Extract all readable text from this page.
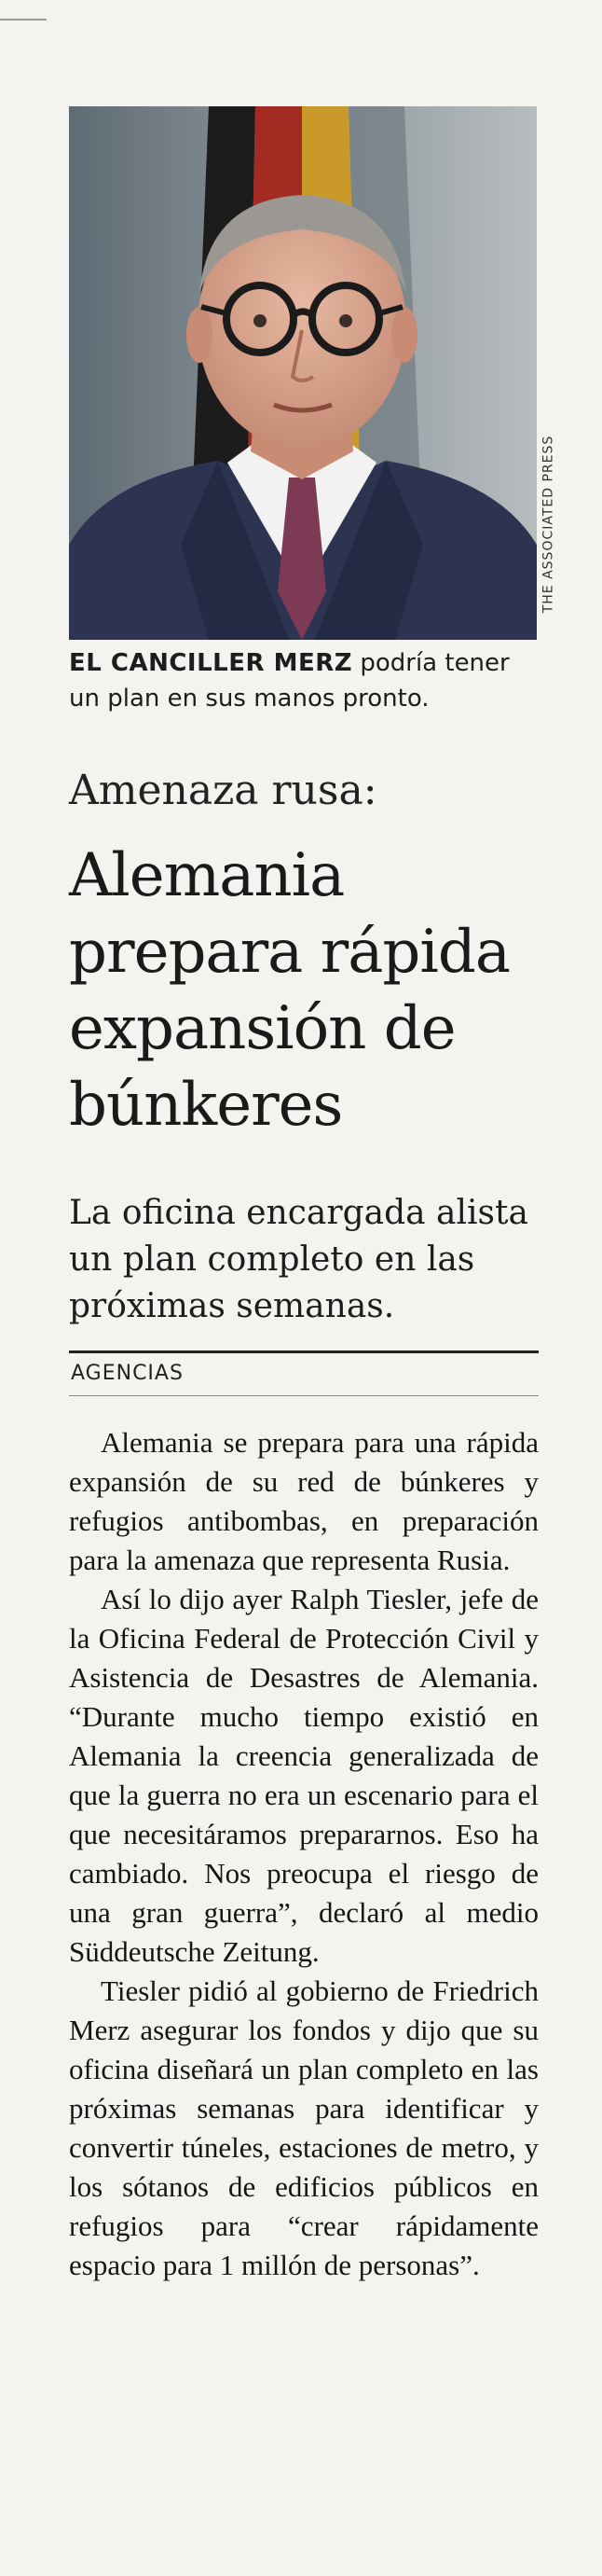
THE ASSOCIATED PRESS
EL CANCILLER MERZ podría tener un plan en sus manos pronto.
Amenaza rusa:
Alemania prepara rápida expansión de búnkeres
La oficina encargada alista un plan completo en las próximas semanas.
AGENCIAS

Alemania se prepara para una rápida expansión de su red de búnkeres y refugios antibombas, en preparación para la amenaza que representa Rusia.

Así lo dijo ayer Ralph Tiesler, jefe de la Oficina Federal de Protección Civil y Asistencia de Desastres de Alemania. “Durante mucho tiempo existió en Alemania la creencia generalizada de que la guerra no era un escenario para el que necesitáramos prepararnos. Eso ha cambiado. Nos preocupa el riesgo de una gran guerra”, declaró al medio Süddeutsche Zeitung.

Tiesler pidió al gobierno de Friedrich Merz asegurar los fondos y dijo que su oficina diseñará un plan completo en las próximas semanas para identificar y convertir túneles, estaciones de metro, y los sótanos de edificios públicos en refugios para “crear rápidamente espacio para 1 millón de personas”.
